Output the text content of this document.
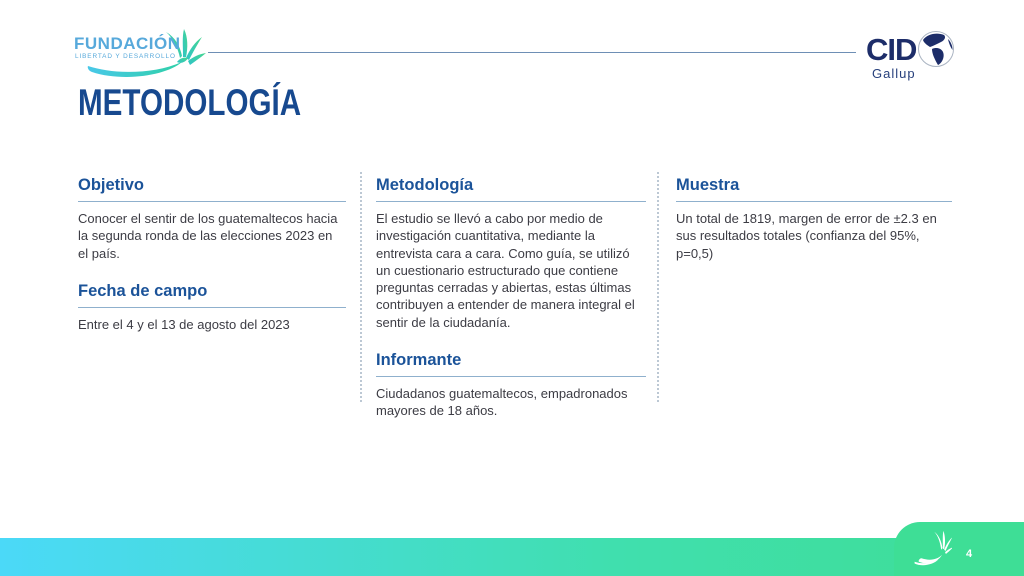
FUNDACIÓN
LIBERTAD Y DESARROLLO	CID
Gallup
METODOLOGÍA
Objetivo

Conocer el sentir de los guatemaltecos hacia la segunda ronda de las elecciones 2023 en el país.

Fecha de campo

Entre el 4 y el 13 de agosto del 2023

Metodología

El estudio se llevó a cabo por medio de investigación cuantitativa, mediante la entrevista cara a cara. Como guía, se utilizó un cuestionario estructurado que contiene preguntas cerradas y abiertas, estas últimas contribuyen a entender de manera integral el sentir de la ciudadanía.

Informante

Ciudadanos guatemaltecos, empadronados mayores de 18 años.

Muestra

Un total de 1819, margen de error de ±2.3 en sus resultados totales (confianza del 95%, p=0,5)

4
